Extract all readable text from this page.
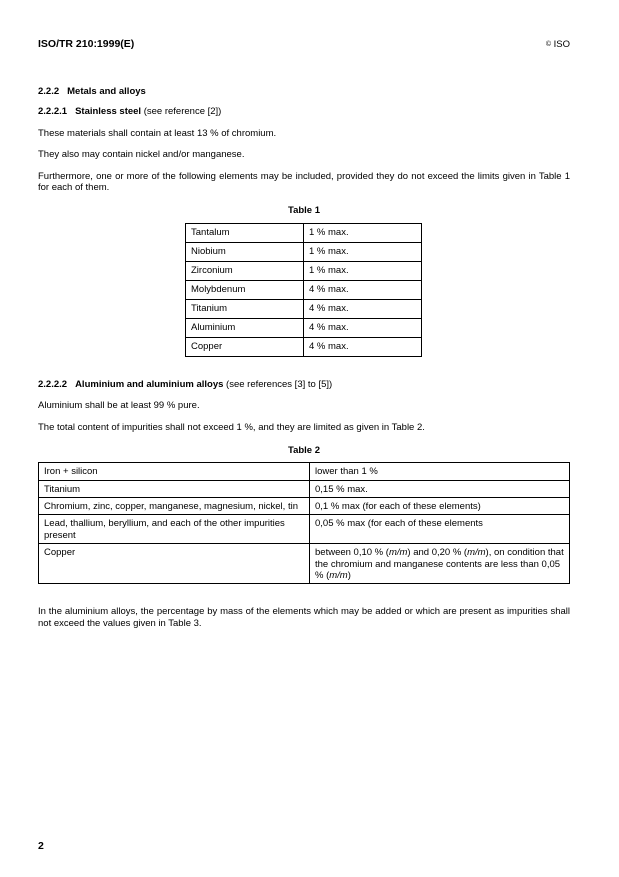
ISO/TR 210:1999(E)	© ISO
2.2.2 Metals and alloys
2.2.2.1 Stainless steel (see reference [2])

These materials shall contain at least 13 % of chromium.

They also may contain nickel and/or manganese.

Furthermore, one or more of the following elements may be included, provided they do not exceed the limits given in Table 1 for each of them.

Table 1
Tantalum	1 % max.
Niobium	1 % max.
Zirconium	1 % max.
Molybdenum	4 % max.
Titanium	4 % max.
Aluminium	4 % max.
Copper	4 % max.
2.2.2.2 Aluminium and aluminium alloys (see references [3] to [5])

Aluminium shall be at least 99 % pure.

The total content of impurities shall not exceed 1 %, and they are limited as given in Table 2.

Table 2
Iron + silicon	lower than 1 %
Titanium	0,15 % max.
Chromium, zinc, copper, manganese, magnesium, nickel, tin	0,1 % max (for each of these elements)
Lead, thallium, beryllium, and each of the other impurities present	0,05 % max (for each of these elements
Copper	between 0,10 % (m/m) and 0,20 % (m/m), on condition that the chromium and manganese contents are less than 0,05 % (m/m)

In the aluminium alloys, the percentage by mass of the elements which may be added or which are present as impurities shall not exceed the values given in Table 3.

2
